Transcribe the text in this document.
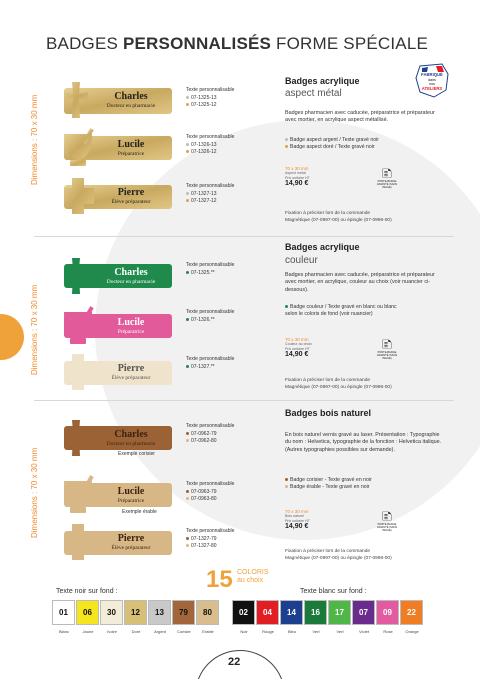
BADGES PERSONNALISÉS FORME SPÉCIALE
FABRIQUÉ
dans
nos
ATELIERS
Dimensions : 70 x 30 mm
Dimensions : 70 x 30 mm
Dimensions : 70 x 30 mm
Charles
Docteur en pharmacie
Texte personnalisable
07-1325-13
07-1325-12
Lucile
Préparatrice
Texte personnalisable
07-1326-13
07-1326-12
Pierre
Élève préparateur
Texte personnalisable
07-1327-13
07-1327-12
Badges acrylique
aspect métal
Badges pharmacien avec caducée, préparatrice et préparateur avec mortier, en acrylique aspect métallisé.
Badge aspect argent / Texte gravé noir
Badge aspect doré / Texte gravé noir
70 x 30 mm
Aspect métal
Prix unitaire HT
14,90 €
🗈
PORTE-BADGE AIMANTÉ (SANS IMAGE)
Fixation à préciser lors de la commande
Magnétique (07-0997-00) ou épingle (07-0996-00)
Charles
Docteur en pharmacie
Texte personnalisable
07-1325.**
Lucile
Préparatrice
Texte personnalisable
07-1326.**
Pierre
Élève préparateur
Texte personnalisable
07-1327.**
Badges acrylique
couleur
Badges pharmacien avec caducée, préparatrice et préparateur avec mortier, en acrylique, couleur au choix (voir nuancier ci-dessous).
Badge couleur / Texte gravé en blanc ou blanc selon le coloris de fond (voir nuancier)
70 x 30 mm
Couleur au choix
Prix unitaire HT
14,90 €
🗈
PORTE-BADGE AIMANTÉ (SANS IMAGE)
Fixation à préciser lors de la commande
Magnétique (07-0997-00) ou épingle (07-0996-00)
Charles
Docteur en pharmacie
Exemple corisier
Texte personnalisable
07-0962-79
07-0962-80
Lucile
Préparatrice
Exemple érable
Texte personnalisable
07-0963-79
07-0963-80
Pierre
Élève préparateur
Texte personnalisable
07-1327-79
07-1327-80
Badges bois naturel
En bois naturel vernis gravé au laser. Présentation : Typographie du nom : Helvetica, typographie de la fonction : Helvetica italique. (Autres typographies possibles sur demande).
Badge corisier - Texte gravé en noir
Badge érable - Texte gravé en noir
70 x 30 mm
Bois naturel
Prix unitaire HT
14,90 €
🗈
PORTE-BADGE AIMANTÉ (SANS IMAGE)
Fixation à préciser lors de la commande
Magnétique (07-0997-00) ou épingle (07-0996-00)
15 COLORIS
au choix
Texte noir sur fond :	Texte blanc sur fond :
01	06	30	12	13	79	80
Blanc	Jaune	Ivoire	Doré	Argent	Corisier	Erable
02	04	14	16	17	07	09	22
Noir	Rouge	Bleu	Vert	Vert	Violet	Rose	Orange
22
